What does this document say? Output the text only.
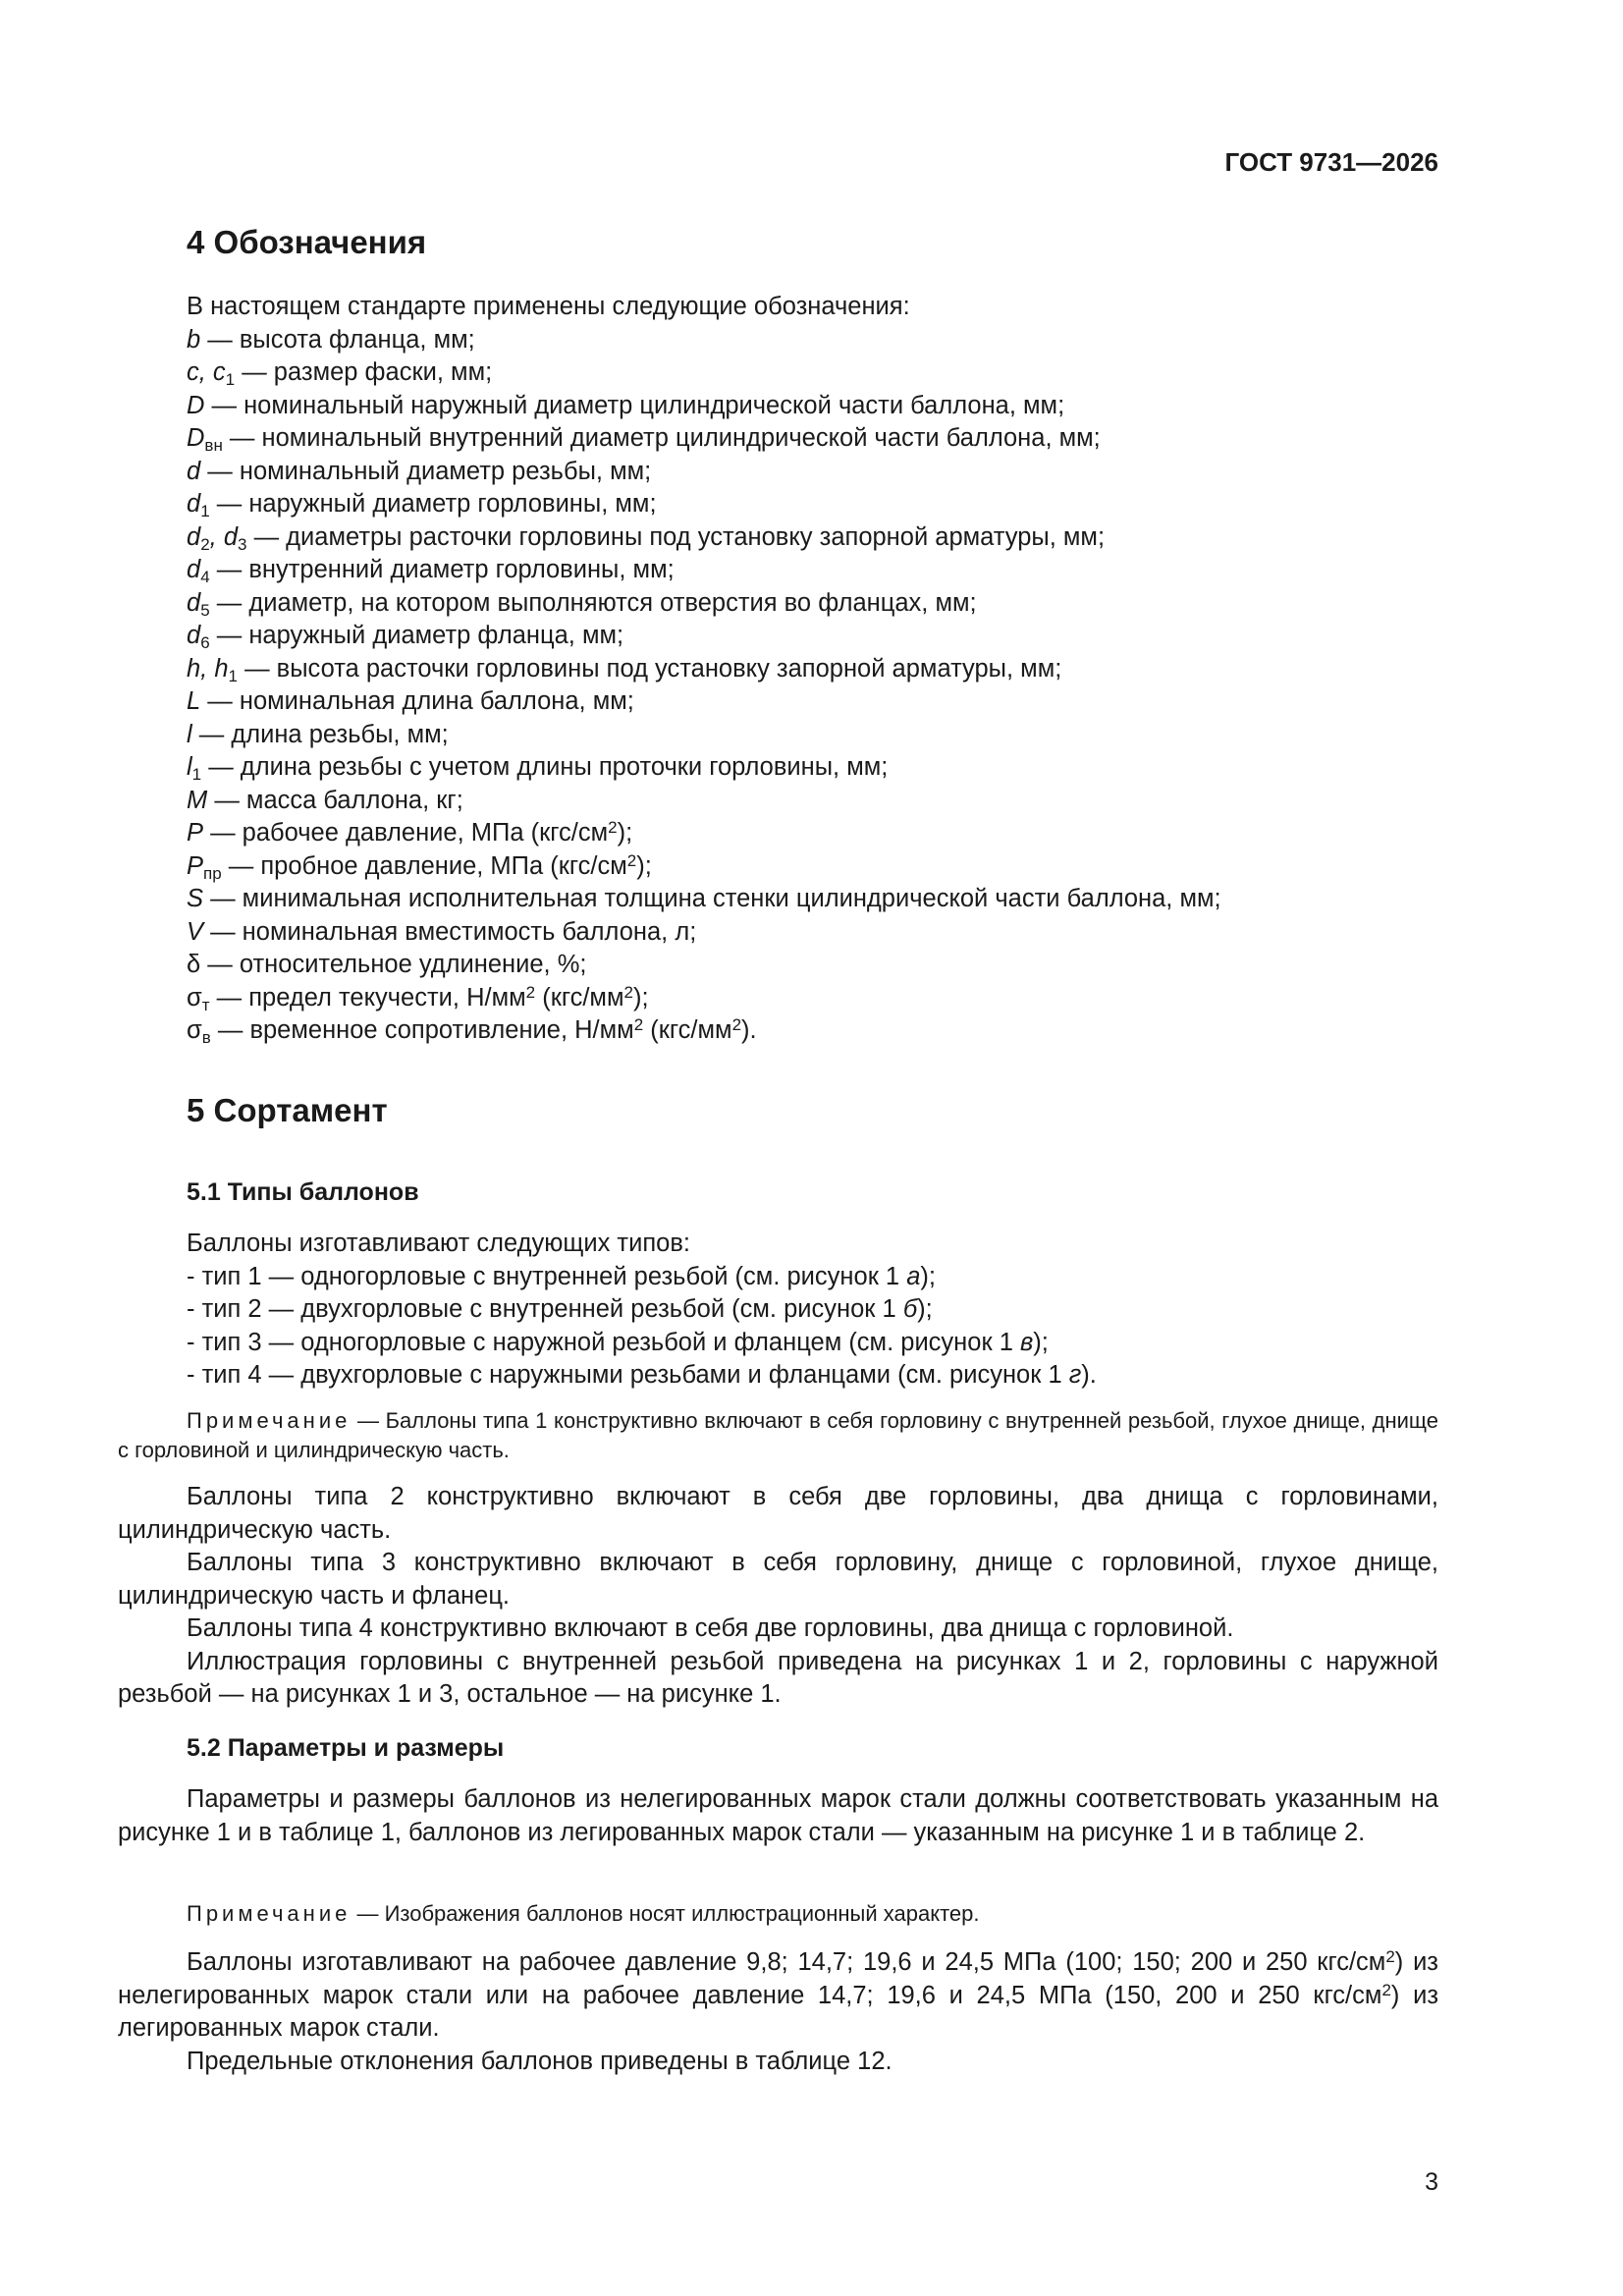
ГОСТ 9731—2026
4 Обозначения

В настоящем стандарте применены следующие обозначения:

b — высота фланца, мм;

c, $c_1$ — размер фаски, мм;

D — номинальный наружный диаметр цилиндрической части баллона, мм;

$D_{вн}$ — номинальный внутренний диаметр цилиндрической части баллона, мм;

d — номинальный диаметр резьбы, мм;

$d_1$ — наружный диаметр горловины, мм;

$d_2$, $d_3$ — диаметры расточки горловины под установку запорной арматуры, мм;

$d_4$ — внутренний диаметр горловины, мм;

$d_5$ — диаметр, на котором выполняются отверстия во фланцах, мм;

$d_6$ — наружный диаметр фланца, мм;

h, $h_1$ — высота расточки горловины под установку запорной арматуры, мм;

L — номинальная длина баллона, мм;

l — длина резьбы, мм;

$l_1$ — длина резьбы с учетом длины проточки горловины, мм;

M — масса баллона, кг;

P — рабочее давление, МПа $(кгс/см^2)$;

$P_{пр}$ — пробное давление, МПа $(кгс/см^2)$;

S — минимальная исполнительная толщина стенки цилиндрической части баллона, мм;

V — номинальная вместимость баллона, л;

δ — относительное удлинение, %;

$\sigma_т$ — предел текучести, $Н/мм^2$ $(кгс/мм^2)$;

$\sigma_в$ — временное сопротивление, $Н/мм^2$ $(кгс/мм^2)$.

5 Сортамент
5.1 Типы баллонов

Баллоны изготавливают следующих типов:

- тип 1 — одногорловые с внутренней резьбой (см. рисунок 1 а);

- тип 2 — двухгорловые с внутренней резьбой (см. рисунок 1 б);

- тип 3 — одногорловые с наружной резьбой и фланцем (см. рисунок 1 в);

- тип 4 — двухгорловые с наружными резьбами и фланцами (см. рисунок 1 г).

Примечание — Баллоны типа 1 конструктивно включают в себя горловину с внутренней резьбой, глухое днище, днище с горловиной и цилиндрическую часть.

Баллоны типа 2 конструктивно включают в себя две горловины, два днища с горловинами, цилиндрическую часть.

Баллоны типа 3 конструктивно включают в себя горловину, днище с горловиной, глухое днище, цилиндрическую часть и фланец.

Баллоны типа 4 конструктивно включают в себя две горловины, два днища с горловиной.

Иллюстрация горловины с внутренней резьбой приведена на рисунках 1 и 2, горловины с наружной резьбой — на рисунках 1 и 3, остальное — на рисунке 1.

5.2 Параметры и размеры

Параметры и размеры баллонов из нелегированных марок стали должны соответствовать указанным на рисунке 1 и в таблице 1, баллонов из легированных марок стали — указанным на рисунке 1 и в таблице 2.

Примечание — Изображения баллонов носят иллюстрационный характер.

Баллоны изготавливают на рабочее давление 9,8; 14,7; 19,6 и 24,5 МПа (100; 150; 200 и 250 кгс/$см^2$) из нелегированных марок стали или на рабочее давление 14,7; 19,6 и 24,5 МПа (150, 200 и 250 кгс/$см^2$) из легированных марок стали.

Предельные отклонения баллонов приведены в таблице 12.

3
